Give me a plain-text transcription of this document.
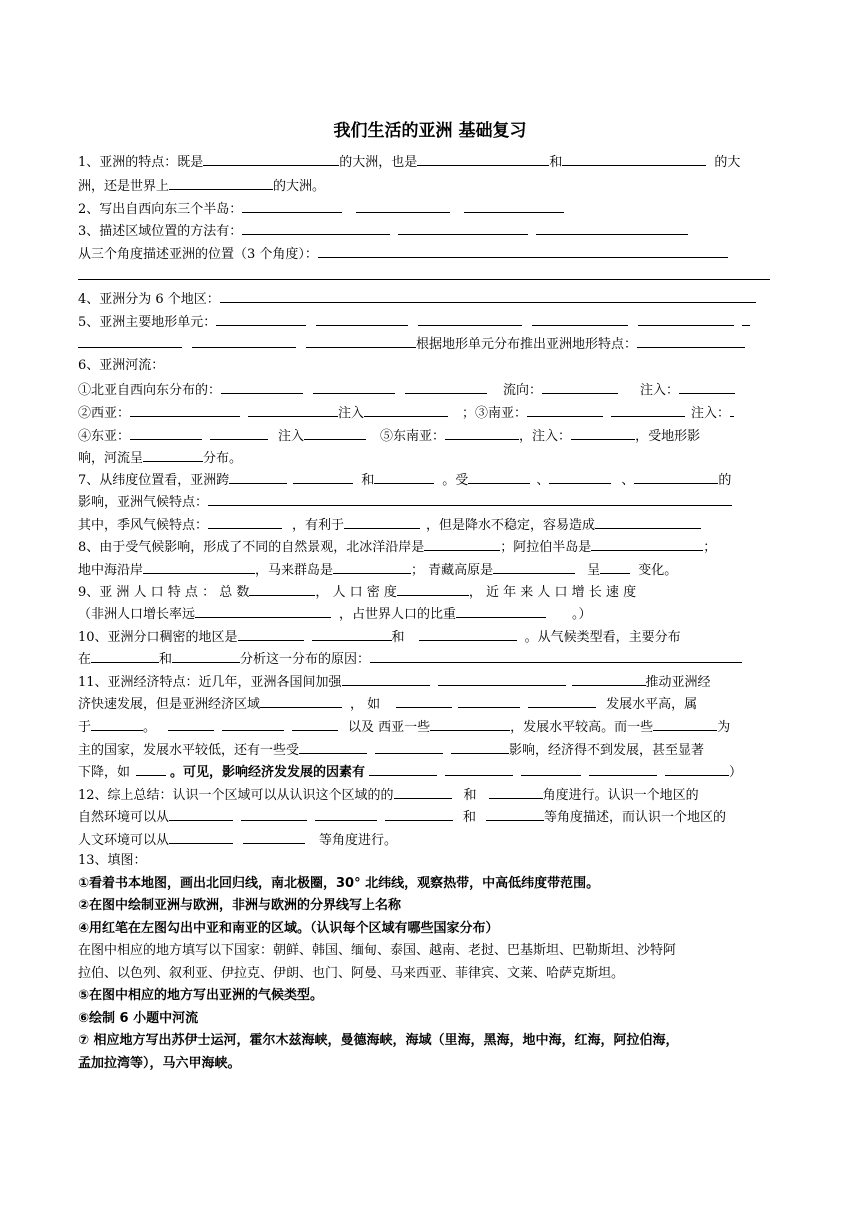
我们生活的亚洲 基础复习
1、亚洲的特点：既是	的大洲，也是	和	的大
洲，还是世界上	的大洲。
2、写出自西向东三个半岛：
3、描述区域位置的方法有：
从三个角度描述亚洲的位置（3 个角度）：
4、亚洲分为 6 个地区：
5、亚洲主要地形单元：
根据地形单元分布推出亚洲地形特点：
6、亚洲河流：
①北亚自西向东分布的：	流向：	注入：
②西亚：	注入	；③南亚：	注入：
④东亚：	注入	⑤东南亚：	，注入：	，受地形影
响，河流呈	分布。
7、从纬度位置看，亚洲跨	和	。受	、	、	的
影响，亚洲气候特点：
其中，季风气候特点：	，有利于	，但是降水不稳定，容易造成
8、由于受气候影响，形成了不同的自然景观，北冰洋沿岸是	；阿拉伯半岛是	；
地中海沿岸	，马来群岛是	； 青藏高原是	呈	变化。
9、亚 洲 人 口 特 点 ： 总 数	， 人 口 密 度	， 近 年 来 人 口 增 长 速 度
（非洲人口增长率远	，占世界人口的比重	。）
10、亚洲分口稠密的地区是	和	。从气候类型看，主要分布
在	和	分析这一分布的原因：
11、亚洲经济特点：近几年，亚洲各国间加强	推动亚洲经
济快速发展，但是亚洲经济区域	， 如	发展水平高，属
于	。	以及 西亚一些	，发展水平较高。而一些	为
主的国家，发展水平较低，还有一些受	影响，经济得不到发展，甚至显著
下降，如	。可见，影响经济发发展的因素有	）
12、综上总结：认识一个区域可以从认识这个区域的的	和	角度进行。认识一个地区的
自然环境可以从	和	等角度描述，而认识一个地区的
人文环境可以从	等角度进行。
13、填图：
①看着书本地图，画出北回归线，南北极圈，30° 北纬线，观察热带，中高低纬度带范围。
②在图中绘制亚洲与欧洲，非洲与欧洲的分界线写上名称
④用红笔在左图勾出中亚和南亚的区域。（认识每个区域有哪些国家分布）
在图中相应的地方填写以下国家：朝鲜、韩国、缅甸、泰国、越南、老挝、巴基斯坦、巴勒斯坦、沙特阿
拉伯、以色列、叙利亚、伊拉克、伊朗、也门、阿曼、马来西亚、菲律宾、文莱、哈萨克斯坦。
⑤在图中相应的地方写出亚洲的气候类型。
⑥绘制 6 小题中河流
⑦ 相应地方写出苏伊士运河，霍尔木兹海峡，曼德海峡，海域（里海，黑海，地中海，红海，阿拉伯海，
孟加拉湾等），马六甲海峡。
